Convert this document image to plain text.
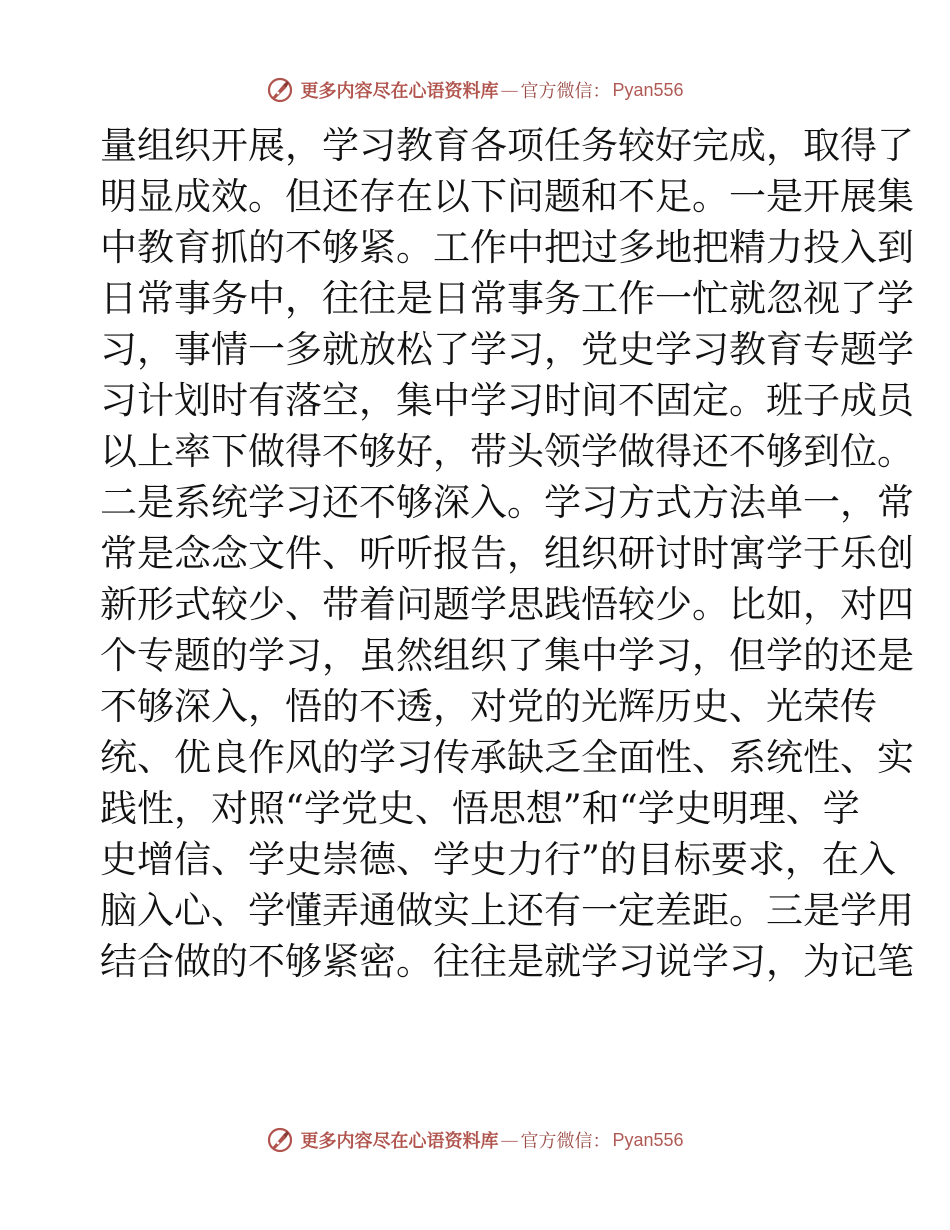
更多内容尽在心语资料库 — 官方微信： Pyan556
量组织开展，学习教育各项任务较好完成，取得了
明显成效。但还存在以下问题和不足。一是开展集
中教育抓的不够紧。工作中把过多地把精力投入到
日常事务中，往往是日常事务工作一忙就忽视了学
习，事情一多就放松了学习，党史学习教育专题学
习计划时有落空，集中学习时间不固定。班子成员
以上率下做得不够好，带头领学做得还不够到位。
二是系统学习还不够深入。学习方式方法单一，常
常是念念文件、听听报告，组织研讨时寓学于乐创
新形式较少、带着问题学思践悟较少。比如，对四
个专题的学习，虽然组织了集中学习，但学的还是
不够深入，悟的不透，对党的光辉历史、光荣传
统、优良作风的学习传承缺乏全面性、系统性、实
践性，对照“学党史、悟思想”和“学史明理、学
史增信、学史崇德、学史力行”的目标要求，在入
脑入心、学懂弄通做实上还有一定差距。三是学用
结合做的不够紧密。往往是就学习说学习，为记笔
更多内容尽在心语资料库 — 官方微信： Pyan556
